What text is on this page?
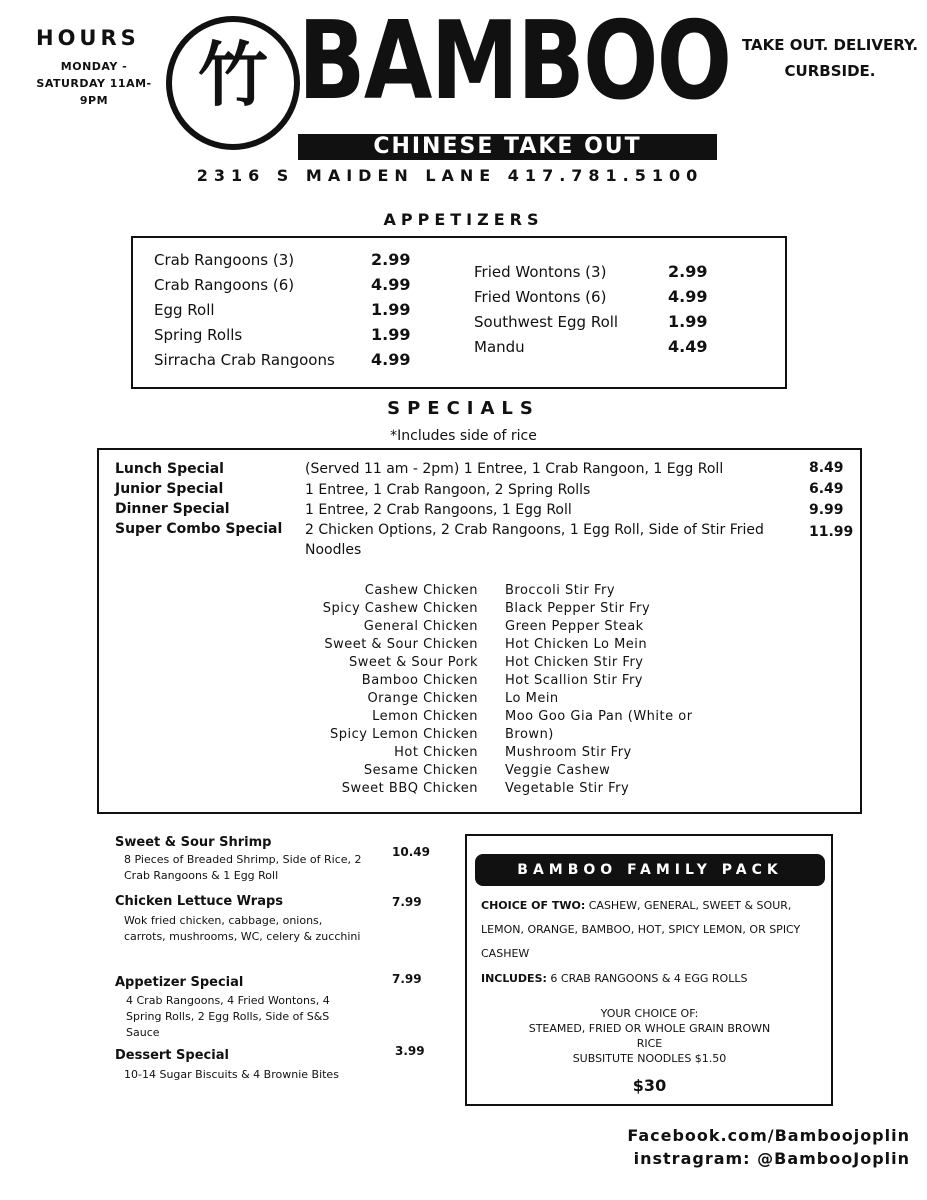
HOURS
MONDAY - SATURDAY 11AM-9PM	竹 BAMBOO
CHINESE TAKE OUT
2316 S MAIDEN LANE 417.781.5100
TAKE OUT. DELIVERY.
CURBSIDE.
APPETIZERS
Crab Rangoons (3)	2.99
Crab Rangoons (6)	4.99
Egg Roll	1.99
Spring Rolls	1.99
Sirracha Crab Rangoons 4.99
Fried Wontons (3)	2.99
Fried Wontons (6)	4.99
Southwest Egg Roll	1.99
Mandu	4.49
SPECIALS
*Includes side of rice
Lunch Special	(Served 11 am - 2pm) 1 Entree, 1 Crab Rangoon, 1 Egg Roll	8.49
Junior Special	1 Entree, 1 Crab Rangoon, 2 Spring Rolls	6.49
Dinner Special	1 Entree, 2 Crab Rangoons, 1 Egg Roll	9.99
Super Combo Special 2 Chicken Options, 2 Crab Rangoons, 1 Egg Roll, Side of Stir Fried Noodles
11.99
Cashew Chicken
Spicy Cashew Chicken
General Chicken
Sweet & Sour Chicken
Sweet & Sour Pork
Bamboo Chicken
Orange Chicken
Lemon Chicken
Spicy Lemon Chicken
Hot Chicken
Sesame Chicken
Sweet BBQ Chicken
Broccoli Stir Fry
Black Pepper Stir Fry
Green Pepper Steak
Hot Chicken Lo Mein
Hot Chicken Stir Fry
Hot Scallion Stir Fry
Lo Mein
Moo Goo Gia Pan (White or
Brown)
Mushroom Stir Fry
Veggie Cashew
Vegetable Stir Fry
Sweet & Sour Shrimp
8 Pieces of Breaded Shrimp, Side of Rice, 2 Crab Rangoons & 1 Egg Roll
10.49
Chicken Lettuce Wraps
Wok fried chicken, cabbage, onions, carrots, mushrooms, WC, celery & zucchini
7.99
Appetizer Special
4 Crab Rangoons, 4 Fried Wontons, 4 Spring Rolls, 2 Egg Rolls, Side of S&S Sauce
7.99
Dessert Special
10-14 Sugar Biscuits & 4 Brownie Bites
3.99
BAMBOO FAMILY PACK
CHOICE OF TWO: CASHEW, GENERAL, SWEET & SOUR,
LEMON, ORANGE, BAMBOO, HOT, SPICY LEMON, OR SPICY
CASHEW
INCLUDES: 6 CRAB RANGOONS & 4 EGG ROLLS
YOUR CHOICE OF:
STEAMED, FRIED OR WHOLE GRAIN BROWN
RICE
SUBSITUTE NOODLES $1.50
$30
Facebook.com/Bamboojoplin
instragram: @BambooJoplin
